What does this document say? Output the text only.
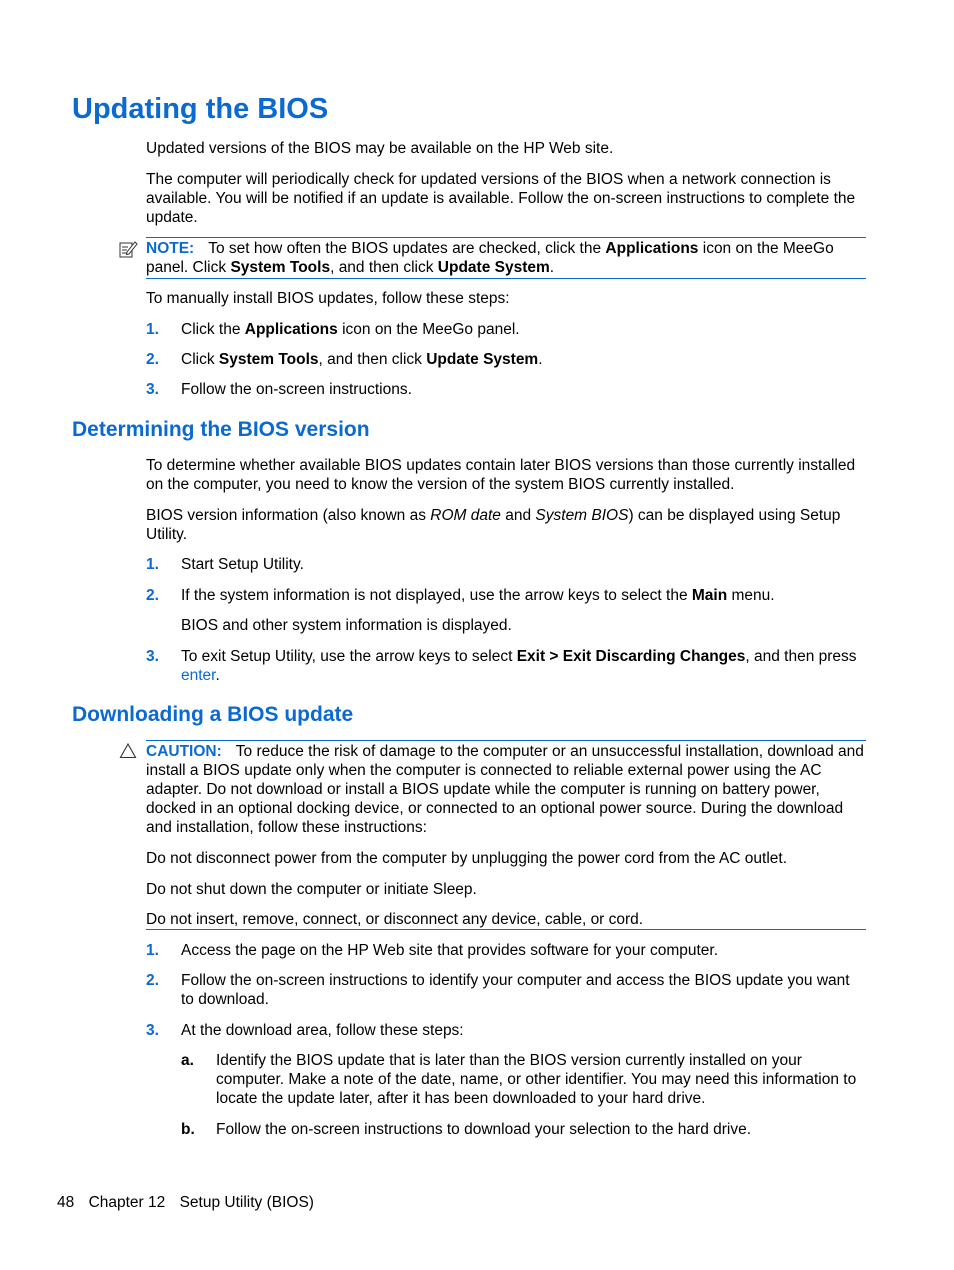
Updating the BIOS
Updated versions of the BIOS may be available on the HP Web site.
The computer will periodically check for updated versions of the BIOS when a network connection is available. You will be notified if an update is available. Follow the on-screen instructions to complete the update.
NOTE: To set how often the BIOS updates are checked, click the Applications icon on the MeeGo panel. Click System Tools, and then click Update System.
To manually install BIOS updates, follow these steps:
1. Click the Applications icon on the MeeGo panel.
2. Click System Tools, and then click Update System.
3. Follow the on-screen instructions.
Determining the BIOS version
To determine whether available BIOS updates contain later BIOS versions than those currently installed on the computer, you need to know the version of the system BIOS currently installed.
BIOS version information (also known as ROM date and System BIOS) can be displayed using Setup Utility.
1. Start Setup Utility.
2. If the system information is not displayed, use the arrow keys to select the Main menu.
BIOS and other system information is displayed.
3. To exit Setup Utility, use the arrow keys to select Exit > Exit Discarding Changes, and then press enter.
Downloading a BIOS update
CAUTION: To reduce the risk of damage to the computer or an unsuccessful installation, download and install a BIOS update only when the computer is connected to reliable external power using the AC adapter. Do not download or install a BIOS update while the computer is running on battery power, docked in an optional docking device, or connected to an optional power source. During the download and installation, follow these instructions:
Do not disconnect power from the computer by unplugging the power cord from the AC outlet.
Do not shut down the computer or initiate Sleep.
Do not insert, remove, connect, or disconnect any device, cable, or cord.
1. Access the page on the HP Web site that provides software for your computer.
2. Follow the on-screen instructions to identify your computer and access the BIOS update you want to download.
3. At the download area, follow these steps:
a. Identify the BIOS update that is later than the BIOS version currently installed on your computer. Make a note of the date, name, or other identifier. You may need this information to locate the update later, after it has been downloaded to your hard drive.
b. Follow the on-screen instructions to download your selection to the hard drive.
48 Chapter 12 Setup Utility (BIOS)
